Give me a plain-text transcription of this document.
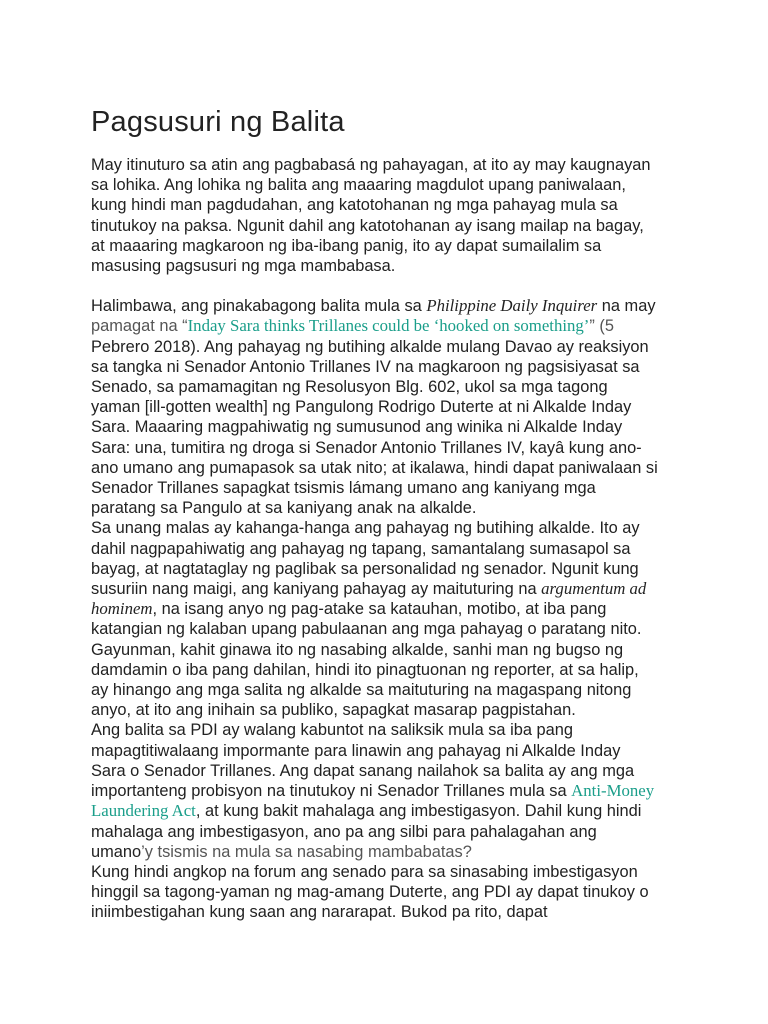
Pagsusuri ng Balita
May itinuturo sa atin ang pagbabasá ng pahayagan, at ito ay may kaugnayan
sa lohika. Ang lohika ng balita ang maaaring magdulot upang paniwalaan,
kung hindi man pagdudahan, ang katotohanan ng mga pahayag mula sa
tinutukoy na paksa. Ngunit dahil ang katotohanan ay isang mailap na bagay,
at maaaring magkaroon ng iba-ibang panig, ito ay dapat sumailalim sa
masusing pagsusuri ng mga mambabasa.
Halimbawa, ang pinakabagong balita mula sa Philippine Daily Inquirer na may
pamagat na “Inday Sara thinks Trillanes could be ‘hooked on something’” (5
Pebrero 2018). Ang pahayag ng butihing alkalde mulang Davao ay reaksiyon
sa tangka ni Senador Antonio Trillanes IV na magkaroon ng pagsisiyasat sa
Senado, sa pamamagitan ng Resolusyon Blg. 602, ukol sa mga tagong
yaman [ill-gotten wealth] ng Pangulong Rodrigo Duterte at ni Alkalde Inday
Sara. Maaaring magpahiwatig ng sumusunod ang winika ni Alkalde Inday
Sara: una, tumitira ng droga si Senador Antonio Trillanes IV, kayâ kung ano-
ano umano ang pumapasok sa utak nito; at ikalawa, hindi dapat paniwalaan si
Senador Trillanes sapagkat tsismis lámang umano ang kaniyang mga
paratang sa Pangulo at sa kaniyang anak na alkalde.
Sa unang malas ay kahanga-hanga ang pahayag ng butihing alkalde. Ito ay
dahil nagpapahiwatig ang pahayag ng tapang, samantalang sumasapol sa
bayag, at nagtataglay ng paglibak sa personalidad ng senador. Ngunit kung
susuriin nang maigi, ang kaniyang pahayag ay maituturing na argumentum ad
hominem, na isang anyo ng pag-atake sa katauhan, motibo, at iba pang
katangian ng kalaban upang pabulaanan ang mga pahayag o paratang nito.
Gayunman, kahit ginawa ito ng nasabing alkalde, sanhi man ng bugso ng
damdamin o iba pang dahilan, hindi ito pinagtuonan ng reporter, at sa halip,
ay hinango ang mga salita ng alkalde sa maituturing na magaspang nitong
anyo, at ito ang inihain sa publiko, sapagkat masarap pagpistahan.
Ang balita sa PDI ay walang kabuntot na saliksik mula sa iba pang
mapagtitiwalaang impormante para linawin ang pahayag ni Alkalde Inday
Sara o Senador Trillanes. Ang dapat sanang nailahok sa balita ay ang mga
importanteng probisyon na tinutukoy ni Senador Trillanes mula sa Anti-Money
Laundering Act, at kung bakit mahalaga ang imbestigasyon. Dahil kung hindi
mahalaga ang imbestigasyon, ano pa ang silbi para pahalagahan ang
umano’y tsismis na mula sa nasabing mambabatas?
Kung hindi angkop na forum ang senado para sa sinasabing imbestigasyon
hinggil sa tagong-yaman ng mag-amang Duterte, ang PDI ay dapat tinukoy o
iniimbestigahan kung saan ang nararapat. Bukod pa rito, dapat
